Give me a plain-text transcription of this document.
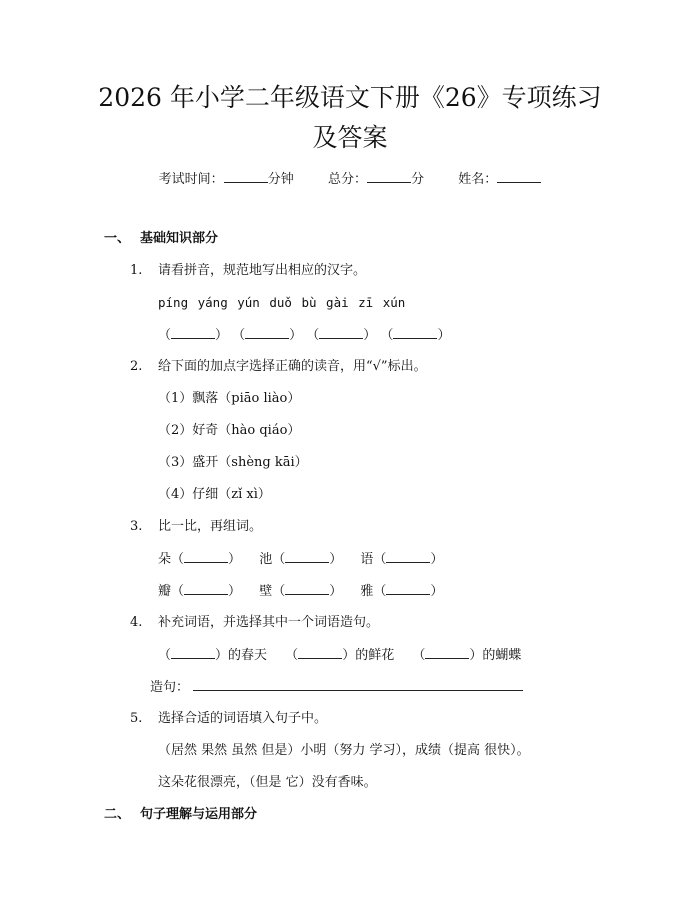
2026 年小学二年级语文下册《26》专项练习
及答案
考试时间：	分钟	总分：	分	姓名：
一、 基础知识部分
1. 请看拼音，规范地写出相应的汉字。
píng yáng yún duǒ bù gài zī xún
（	） （	） （	） （	）
2. 给下面的加点字选择正确的读音，用“√”标出。
（1）飘落（piāo liào）
（2）好奇（hào qiáo）
（3）盛开（shèng kāi）
（4）仔细（zǐ xì）
3. 比一比，再组词。
朵（	） 池（	） 语（	）
瓣（	） 壁（	） 雅（	）
4. 补充词语，并选择其中一个词语造句。
（	）的春天 （	）的鲜花 （	）的蝴蝶
造句：
5. 选择合适的词语填入句子中。
（居然 果然 虽然 但是）小明（努力 学习），成绩（提高 很快）。
这朵花很漂亮，（但是 它）没有香味。
二、 句子理解与运用部分
